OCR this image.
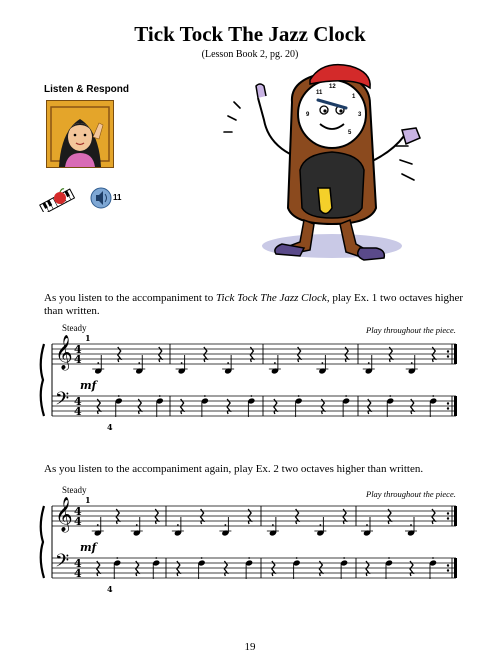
Tick Tock The Jazz Clock
(Lesson Book 2, pg. 20)
Listen & Respond
11
12
1
3
11
9
5
As you listen to the accompaniment to Tick Tock The Jazz Clock, play Ex. 1 two octaves higher than written.
Steady	Play throughout the piece.
𝄞 4
4
𝄢 4
4
1
4
mf
As you listen to the accompaniment again, play Ex. 2 two octaves higher than written.
Steady	Play throughout the piece.
𝄞 4
4
𝄢 4
4
1
4
mf
19
